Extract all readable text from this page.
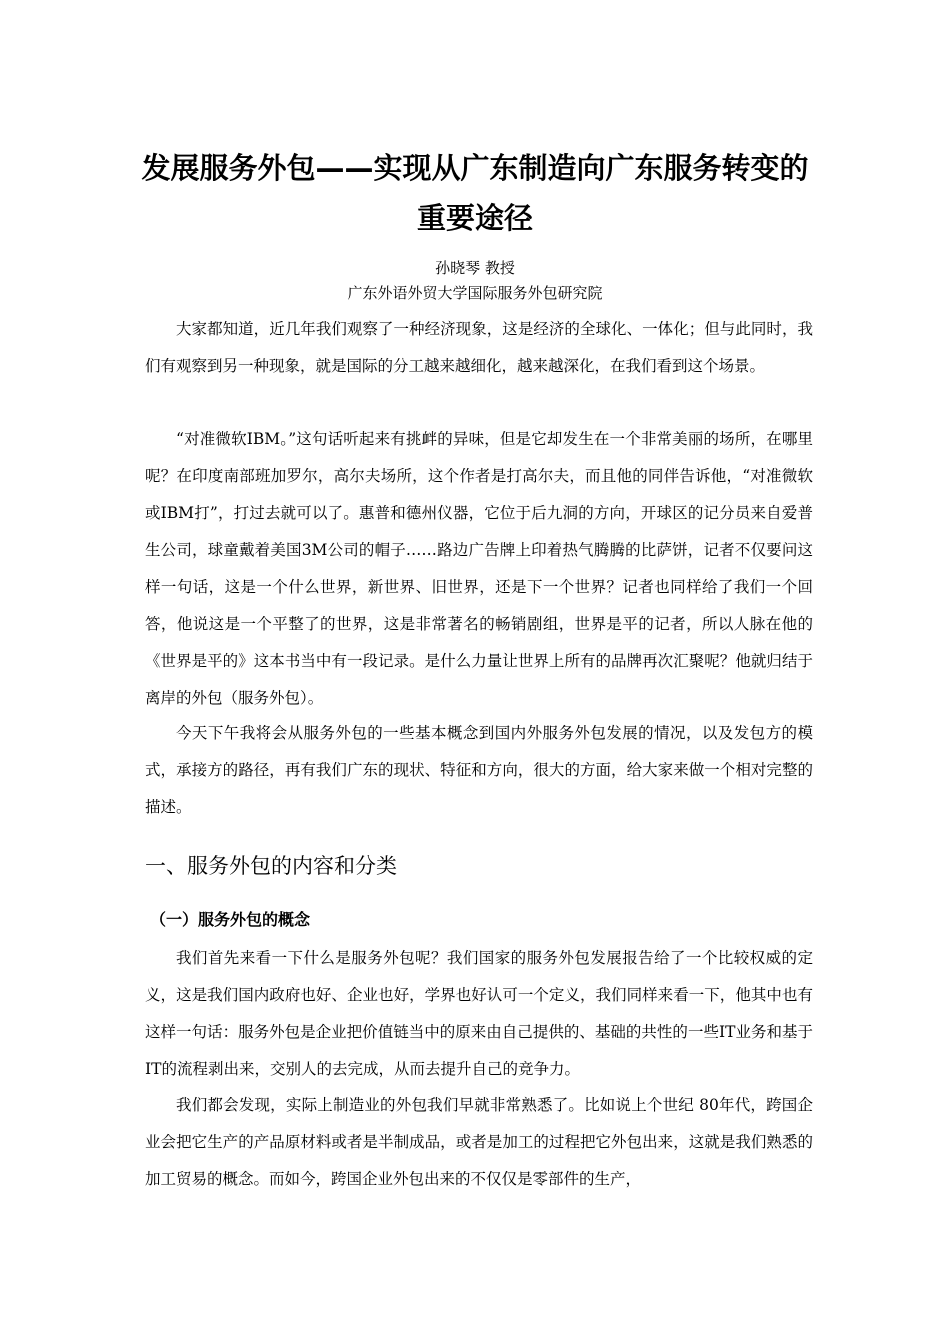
发展服务外包——实现从广东制造向广东服务转变的
重要途径

孙晓琴 教授

广东外语外贸大学国际服务外包研究院

大家都知道，近几年我们观察了一种经济现象，这是经济的全球化、一体化；但与此同时，我们有观察到另一种现象，就是国际的分工越来越细化，越来越深化，在我们看到这个场景。

“对准微软IBM。”这句话听起来有挑衅的异味，但是它却发生在一个非常美丽的场所，在哪里呢？在印度南部班加罗尔，高尔夫场所，这个作者是打高尔夫，而且他的同伴告诉他，“对准微软或IBM打”，打过去就可以了。惠普和德州仪器，它位于后九洞的方向，开球区的记分员来自爱普生公司，球童戴着美国3M公司的帽子……路边广告牌上印着热气腾腾的比萨饼，记者不仅要问这样一句话，这是一个什么世界，新世界、旧世界，还是下一个世界？记者也同样给了我们一个回答，他说这是一个平整了的世界，这是非常著名的畅销剧组，世界是平的记者，所以人脉在他的《世界是平的》这本书当中有一段记录。是什么力量让世界上所有的品牌再次汇聚呢？他就归结于离岸的外包（服务外包）。

今天下午我将会从服务外包的一些基本概念到国内外服务外包发展的情况，以及发包方的模式，承接方的路径，再有我们广东的现状、特征和方向，很大的方面，给大家来做一个相对完整的描述。

一、服务外包的内容和分类
（一）服务外包的概念

我们首先来看一下什么是服务外包呢？我们国家的服务外包发展报告给了一个比较权威的定义，这是我们国内政府也好、企业也好，学界也好认可一个定义，我们同样来看一下，他其中也有这样一句话：服务外包是企业把价值链当中的原来由自己提供的、基础的共性的一些IT业务和基于IT的流程剥出来，交别人的去完成，从而去提升自己的竞争力。

我们都会发现，实际上制造业的外包我们早就非常熟悉了。比如说上个世纪 80年代，跨国企业会把它生产的产品原材料或者是半制成品，或者是加工的过程把它外包出来，这就是我们熟悉的加工贸易的概念。而如今，跨国企业外包出来的不仅仅是零部件的生产，
